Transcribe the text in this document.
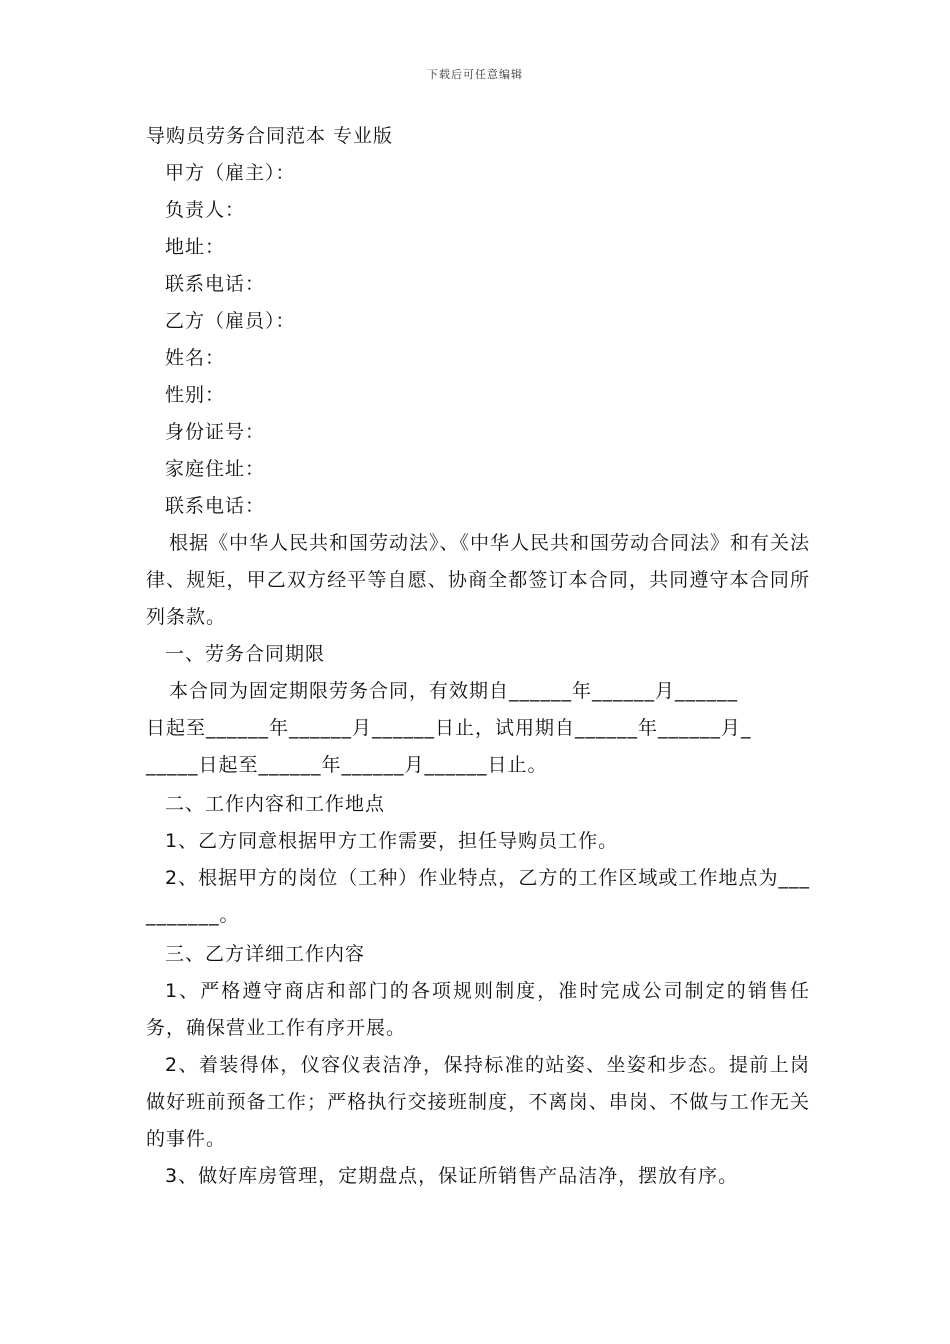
下载后可任意编辑
导购员劳务合同范本 专业版
甲方（雇主）：
负责人：
地址：
联系电话：
乙方（雇员）：
姓名：
性别：
身份证号：
家庭住址：
联系电话：
根据《中华人民共和国劳动法》、《中华人民共和国劳动合同法》和有关法律、规矩，甲乙双方经平等自愿、协商全都签订本合同，共同遵守本合同所列条款。
一、劳务合同期限
本合同为固定期限劳务合同，有效期自______年______月______
日起至______年______月______日止，试用期自______年______月_
_____日起至______年______月______日止。
二、工作内容和工作地点
1、乙方同意根据甲方工作需要，担任导购员工作。
2、根据甲方的岗位（工种）作业特点，乙方的工作区域或工作地点为__________。
三、乙方详细工作内容
1、严格遵守商店和部门的各项规则制度，准时完成公司制定的销售任务，确保营业工作有序开展。
2、着装得体，仪容仪表洁净，保持标准的站姿、坐姿和步态。提前上岗做好班前预备工作；严格执行交接班制度，不离岗、串岗、不做与工作无关的事件。
3、做好库房管理，定期盘点，保证所销售产品洁净，摆放有序。
